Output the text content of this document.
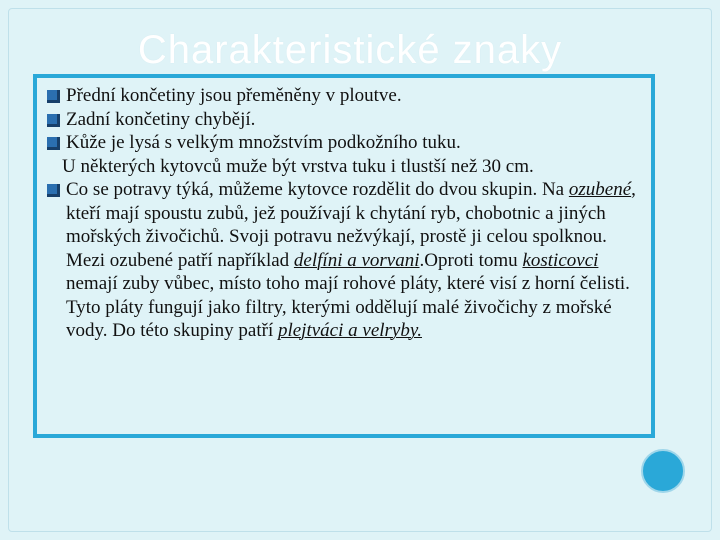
Charakteristické znaky
Přední končetiny jsou přeměněny v ploutve.
Zadní končetiny chybějí.
Kůže je lysá s velkým množstvím podkožního tuku.
U některých kytovců muže být vrstva tuku i tlustší než 30 cm.
Co se potravy týká, můžeme kytovce rozdělit do dvou skupin. Na ozubené, kteří mají spoustu zubů, jež používají k chytání ryb, chobotnic a jiných mořských živočichů. Svoji potravu nežvýkají, prostě ji celou spolknou. Mezi ozubené patří například delfíni a vorvani.Oproti tomu kosticovci nemají zuby vůbec, místo toho mají rohové pláty, které visí z horní čelisti. Tyto pláty fungují jako filtry, kterými oddělují malé živočichy z mořské vody. Do této skupiny patří plejtváci a velryby.
